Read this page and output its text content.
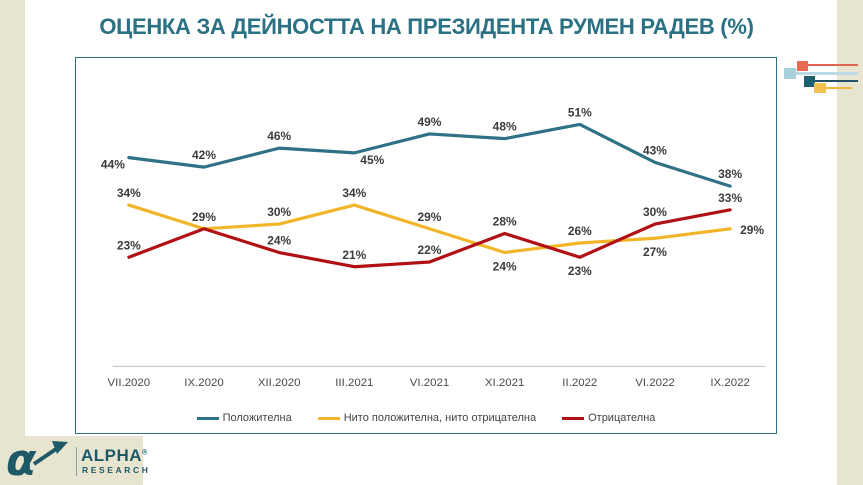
ОЦЕНКА ЗА ДЕЙНОСТТА НА ПРЕЗИДЕНТА РУМЕН РАДЕВ (%)
VII.2020	IX.2020	XII.2020	III.2021	VI.2021	XI.2021	II.2022	VI.2022	IX.2022
44%
42%
46%
45%
49%	48%
51%
43%
38%
34%
29%	30%
34%
29%
24%
26%
27%
29%
23%	24%
21%	22%
28%
23%
30%
33%
Положителна	Нито положителна, нито отрицателна	Отрицателна
α	ALPHA®
RESEARCH
